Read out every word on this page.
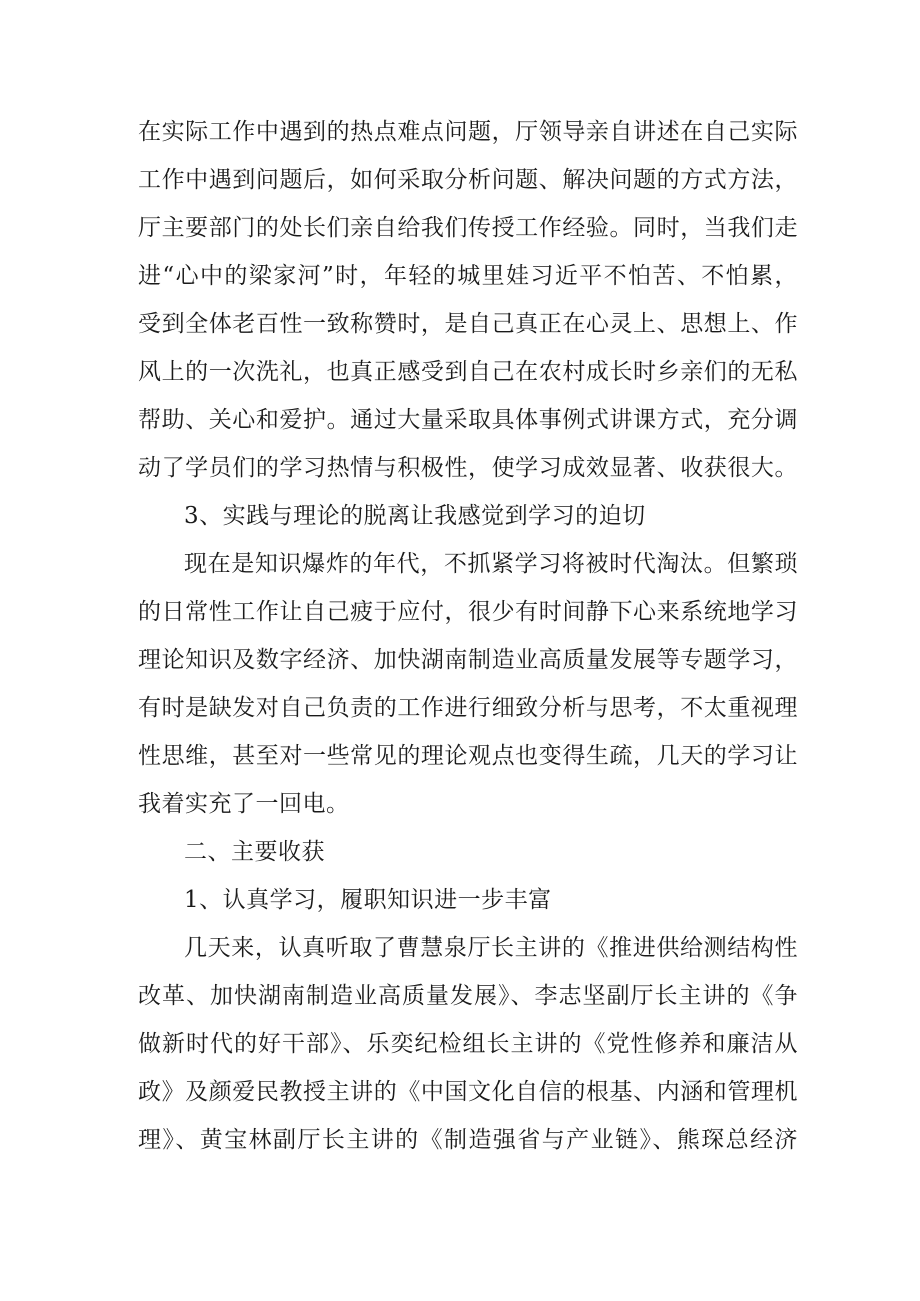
在实际工作中遇到的热点难点问题，厅领导亲自讲述在自己实际
工作中遇到问题后，如何采取分析问题、解决问题的方式方法，
厅主要部门的处长们亲自给我们传授工作经验。同时，当我们走
进“心中的梁家河”时，年轻的城里娃习近平不怕苦、不怕累，
受到全体老百性一致称赞时，是自己真正在心灵上、思想上、作
风上的一次洗礼，也真正感受到自己在农村成长时乡亲们的无私
帮助、关心和爱护。通过大量采取具体事例式讲课方式，充分调
动了学员们的学习热情与积极性，使学习成效显著、收获很大。
3、实践与理论的脱离让我感觉到学习的迫切
现在是知识爆炸的年代，不抓紧学习将被时代淘汰。但繁琐
的日常性工作让自己疲于应付，很少有时间静下心来系统地学习
理论知识及数字经济、加快湖南制造业高质量发展等专题学习，
有时是缺发对自己负责的工作进行细致分析与思考，不太重视理
性思维，甚至对一些常见的理论观点也变得生疏，几天的学习让
我着实充了一回电。
二、主要收获
1、认真学习，履职知识进一步丰富
几天来，认真听取了曹慧泉厅长主讲的《推进供给测结构性
改革、加快湖南制造业高质量发展》、李志坚副厅长主讲的《争
做新时代的好干部》、乐奕纪检组长主讲的《党性修养和廉洁从
政》及颜爱民教授主讲的《中国文化自信的根基、内涵和管理机
理》、黄宝林副厅长主讲的《制造强省与产业链》、熊琛总经济
